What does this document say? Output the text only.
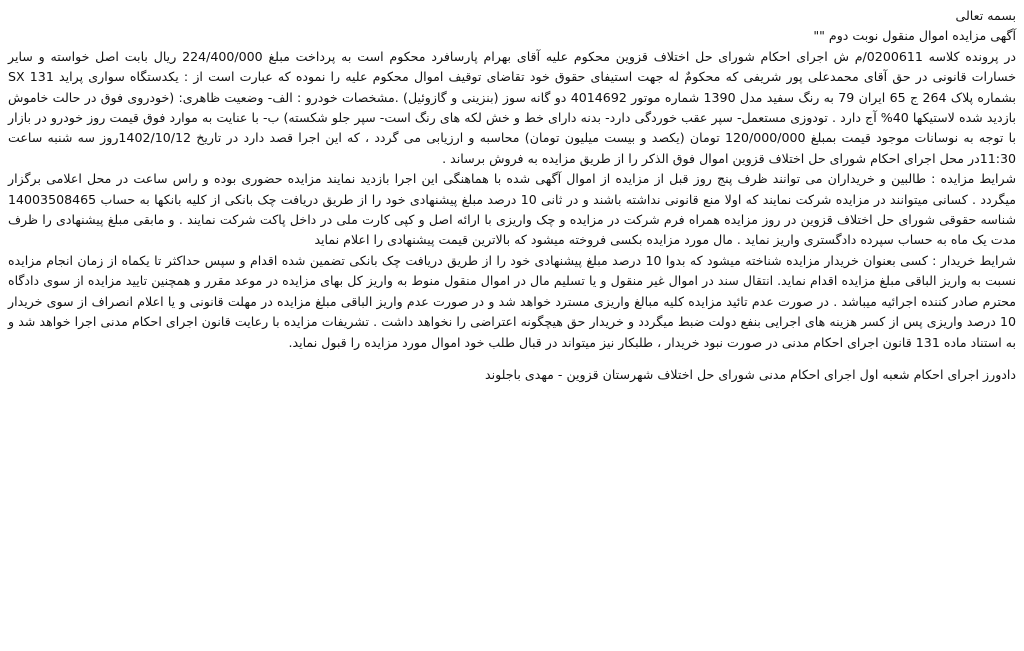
بسمه تعالی

آگهی مزایده اموال منقول نوبت دوم ""

در پرونده کلاسه 0200611/م ش اجرای احکام شورای حل اختلاف قزوین محکوم علیه آقای بهرام پارسافرد محکوم است به پرداخت مبلغ 224/400/000 ریال بابت اصل خواسته و سایر خسارات قانونی در حق آقای محمدعلی پور شریفی که محکومٌ له جهت استیفای حقوق خود تقاضای توقیف اموال محکوم علیه را نموده که عبارت است از : یکدستگاه سواری پراید 131 SX بشماره پلاک 264 ج 65 ایران 79 به رنگ سفید مدل 1390 شماره موتور 4014692 دو گانه سوز (بنزینی و گازوئیل) .مشخصات خودرو : الف- وضعیت ظاهری: (خودروی فوق در حالت خاموش بازدید شده لاستیکها 40% آج دارد . تودوزی مستعمل- سپر عقب خوردگی دارد- بدنه دارای خط و خش لکه های رنگ است- سپر جلو شکسته) ب- با عنایت به موارد فوق قیمت روز خودرو در بازار با توجه به نوسانات موجود قیمت بمبلغ 120/000/000 تومان (یکصد و بیست میلیون تومان) محاسبه و ارزیابی می گردد ، که این اجرا قصد دارد در تاریخ 1402/10/12روز سه شنبه ساعت 11:30در محل اجرای احکام شورای حل اختلاف قزوین اموال فوق الذکر را از طریق مزایده به فروش برساند .

شرایط مزایده : طالبین و خریداران می توانند ظرف پنج روز قبل از مزایده از اموال آگهی شده با هماهنگی این اجرا بازدید نمایند مزایده حضوری بوده و راس ساعت در محل اعلامی برگزار میگردد . کسانی میتوانند در مزایده شرکت نمایند که اولا منع قانونی نداشته باشند و در ثانی 10 درصد مبلغ پیشنهادی خود را از طریق دریافت چک بانکی از کلیه بانکها به حساب 14003508465 شناسه حقوقی شورای حل اختلاف قزوین در روز مزایده همراه فرم شرکت در مزایده و چک واریزی با ارائه اصل و کپی کارت ملی در داخل پاکت شرکت نمایند . و مابقی مبلغ پیشنهادی را ظرف مدت یک ماه به حساب سپرده دادگستری واریز نماید . مال مورد مزایده بکسی فروخته میشود که بالاترین قیمت پیشنهادی را اعلام نماید

شرایط خریدار : کسی بعنوان خریدار مزایده شناخته میشود که بدوا 10 درصد مبلغ پیشنهادی خود را از طریق دریافت چک بانکی تضمین شده اقدام و سپس حداکثر تا یکماه از زمان انجام مزایده نسبت به واریز الباقی مبلغ مزایده اقدام نماید. انتقال سند در اموال غیر منقول و یا تسلیم مال در اموال منقول منوط به واریز کل بهای مزایده در موعد مقرر و همچنین تایید مزایده از سوی دادگاه محترم صادر کننده اجرائیه میباشد . در صورت عدم تائید مزایده کلیه مبالغ واریزی مسترد خواهد شد و در صورت عدم واریز الباقی مبلغ مزایده در مهلت قانونی و یا اعلام انصراف از سوی خریدار 10 درصد واریزی پس از کسر هزینه های اجرایی بنفع دولت ضبط میگردد و خریدار حق هیچگونه اعتراضی را نخواهد داشت . تشریفات مزایده با رعایت قانون اجرای احکام مدنی اجرا خواهد شد و به استناد ماده 131 قانون اجرای احکام مدنی در صورت نبود خریدار ، طلبکار نیز میتواند در قبال طلب خود اموال مورد مزایده را قبول نماید.

دادورز اجرای احکام شعبه اول اجرای احکام مدنی شورای حل اختلاف شهرستان قزوین - مهدی باجلوند
